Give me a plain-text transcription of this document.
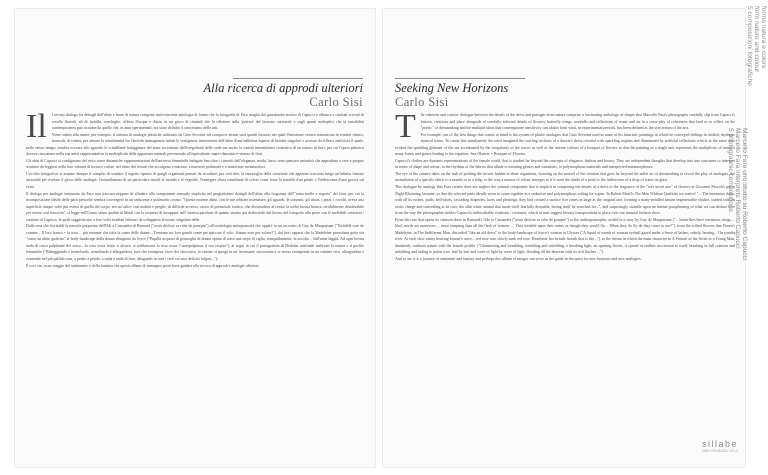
Alla ricerca di approdi ulteriori
Carlo Sisi
Il	l serrato dialogo fra dettagli dell'abito e brani di natura compone un'avvincente antologia di forme che la fotografia di Fara ritaglia dal guardaroba storico di Capucci e affianca a risultati scovati di corolle floreali, ali di farfalla, conchiglie, riflessi d'acqua e d'aria, in un gioco di rimandi che la riflettere sulla 'poetica' del lavorato sartoriale e sugli spunti molteplici che la sensibilità contemporanea può ricavare da quello che, in anni sperimentali, era stato definito il sincretismo delle arti.

Viene subito alla mente, per esempio, il sistema di analogie plastiche utilizzato da Gino Severini nel comporre alcuni suoi quadri futuristi nei quali l'emozione veniva comunicata in termini ritmici, musicali, di timbro per attuare la simultaneità fra l'attività immaginaria infatti le vertiginose intersezioni dell'abito d'una ballerina esperto di lustrini singolari e accesso da riflessi artificiosi il quale, nello stesso tempo, sembra evocare allo sguardo lo scintillante balugginare del mare accentuato dall'irregolarità delle onde ma anche la varietà intermittente cromatica di un mazzo di fiori, per cui l'opera pittorica doveva riassumere nella sua unità rappresentativa la molteplicità delle apparenze naturali pervenendo all'equivalente: mare+danzatrice=mazzo di fiori.

Gli abiti di Capucci si configurano del resto come dinamiche rappresentazioni dell'universo femminile indagate ben oltre i concetti dell'eleganza, moda, lusso; sono pensieri unionisti che approdano a vere e proprie strutture da leggersi nella loro volontà di forma e colore, nel ritmo dei tessuti che accolgono e nutrono, a maestrie polimorfe e a misteriose metamorfosi.

L'occhio fotografico si assume dunque il compito di sondare il segreto ripasso di quegli organismi pensati da ricordare, per così dire, la meraviglia della creazione che apparato tracciata lungo un'infinita fusione sartoriale per rivelare il gioco delle analogie, l'assimilazione di un particolare tessile al mondo e al vegetale, l'emergere d'una stimolante di colore come fosse la tonalità d'un petalo o l'iridescenza d'una goccia sul vetro.

Il dialogo per analogie instaurato da Fara non trascura neppure di alludere alla componente sensuale implicita nel pregiatissimi dettagli dell'abito alla fragranza dell'"arma molle e segreta" dei fiori, per cui la ricomposizione ideale delle parti prescelte sembra convergere in un seducente e polimorfo cosmo. "Queste enorme abito, con le sue orbitate insenature, gli sguardi, le soavanti, gli ubosi, i pizzi, i rovoltì, aveva una superficie cinque volte più estesa di quella del corpo, era un calice così mobile e pieghe, di difficile accesso, carico di potenziale erotico, che dissimulava al centro la scelte bossia bianca, terribilmente desiderabile per essere così nascosta", si legge nell'Uomo senza qualità di Musil con la sorpresa di incappare nell' intensa parafrasi di quanto stiamo qui deducendo dal lavoro del fotografo alla prese con le ineffabili creazioni / creature di Capucci, le quali suggeriscono a loro volta irradiati letterari da sviluppersi al nostro singolare delle.

Dalla rosa che fiorisaldi la nascola porporina dell'Odi a Cassandra di Ronsard ("avait déclose sa robe de pourpre") all'ornitologia antropomorfa che appare in un racconto di Guy de Maupassant ("l'infidèle rose de comme... Il loro fianco + la rosa.... più entrante che tutta la carne delle donne... Tremano sui loro gambi come per spiccare il volo. Stanno esse per volare?"), dai fiori apparsi che la Madeleine proustiana getta via "come un abito gualcito" al body-landscape della donna disegnato da Joyce ("Pupilla acquosa di germoglio di donna spinta di sotto una siepe di ciglia, tranquillamente, in ascolto... Sull'anne laggiù. Ad ogni lievita onda di rosso palpitante del sesso... la rosa rossa ferita si alzava, si riabbassava la rosa rossa. Cuorepalpitava il suo respiro"), ai sogni in cui il protagonista di Dedalus confonde inebriato la natura e il profilo femminile ("Rabeggiando e tremolando, tremolando e allargandosi, luce che erompesa, fiore che sbocciava, la visione si spiegò in un' incessante succezione a se stessa erompendo in un crimine vivo, allargandosi e svanendo nel più pallido rosa, a petalo a petalo, a onda a onda di luce, dilagando in tutti i cieli coi suoi delicati fulgori...").

È così via, in un viaggio del sentimento e della fantasia che questo album di immagini potrà forse guidare alla ricerca di approdi e analogie ulteriori.

Seeking New Horizons
Carlo Sisi
T	he coherent and concise dialogue between the details of the dress and passages from nature comprise a fascinating anthology of shapes that Marcello Fara's photographs carefully clip from Capucci's historic creations and place alongside of carefully selected details of flowers, butterfly wings, seashells and reflections of water and air in a cross-play of references that lead us to reflect on the "poetic" of dressmaking and the multiple ideas that contemporary sensitivity can obtain from what, in experimental periods, has been defined as the syncretism of the arts.

For example, one of the first things that comes to mind is the system of plastic analogies that Gino Severini used in some of his futuristic paintings in which he conveyed feelings in shifted, rhythmic musical terms. To create this simultaneity the artist imagined the swirling sections of a dancer's dress covered with sparkling sequins and illuminated by artificial reflections which, at the same time evoked the sparkling glimmer of the sea accentuated by the irregularity of the waves as well as the intense colours of a bouquet of flowers so that the painting as a single unit represents the multiplicity of nature's many forms and guises leading to the equation: Sea+Dancer = Bouquet of Flowers.

Capucci's clothes are dynamic representations of the female world, that is studied far beyond the concepts of elegance, fashion and luxury. They are independent thoughts that develop into true structures to interpret in terms of shape and colour, in the rhythms of the fabrics that allude to morning glories and variations, to polymorphous materials and unexpected metamorphoses.

The eye of the camera takes on the task of probing the secrets hidden in those organisms, focusing on the marvel of the creation that goes far beyond the noble art of dressmaking to reveal the play of analogies, the assimilation of a specific fabric to a mantis or to a tulip, or the way a nuance of colour emerges as if it were the shade of a petal or the iridescence of a drop of water on glass.

This dialogue by analogy that Fara creates does not neglect the sensual component that is implicit in comparing the details of a dress to the fragrance of the "soft secret arts" of flowers in Giovanni Pascoli's poem Night Blooming Jasmine, so that the selected parts ideally seem to come together in a seductive and polymorphous setting for a gem. In Robert Musil's The Man Without Qualities we read of "... The enormous dress, with all its ruches, puffs, bell-skirts, cascading draperies, laces and pleatings, they had created a surface five times as large as the original one, forming a many-petalled almost impenetrable chalice, loaded with an erotic charge and concealing at its core, the slim white animal that made itself fearfully desirable, letting itself be searched for...", and surprisingly stumble upon an intense paraphrasing of what we can deduce here from the way the photographer tackles Capucci's indescribable creations / creatures, which in turn suggest literary transpositions to place over our unusual fashion show.

From the rose that opens its crimson dress in Ronsard's Ode to Cassandre ("avait déclose sa robe de pourpre") to the anthropomorphic orchid in a story by Guy de Maupassant ("... butterflies have enormous wings ... [the] words are numerous ... more tempting than all the flesh of women. ... They tremble upon their stems as though they would fly.... When they do fly do they come to me?"), from the wilted flowers that Proust's Madeleine, in The Indifferent Man, discarded "like an old dress" to the body-landscape of Joyce's woman in Ulysses ("A liquid of womb of woman eyeball gazed under a fence of lashes, calmly, hearing... On yonder river. At each slow satiny heaving bosom's wave... red rose rose slowly sank red rose. Heartbeat: her breath: breath that is life..."), to the dream in which the main character in A Portrait of the Artist as a Young Man, drunkenly confuses nature with the female profile. ("Glimmering and trembling, trembling and unfolding, a breaking light, an opening flower, it spread in endless succession to itself, breaking in full crimson and unfolding and fading to palest rose, leaf by leaf and wave of light by wave of light, flooding all the heavens with its soft flushes ...").

And so on: it is a journey of sentiment and fantasy and perhaps this album of images can serve as the guide in the quest for new horizons and new analogies.

forma natura e colore
form nature and colour
5 composizioni fotografiche
Marcello Fara uno studio su Roberto Capucci
Marcello Fara interprets Roberto Capucci
5 photographic compositions
sillabe
ISBN 978-88-8347-471-4
